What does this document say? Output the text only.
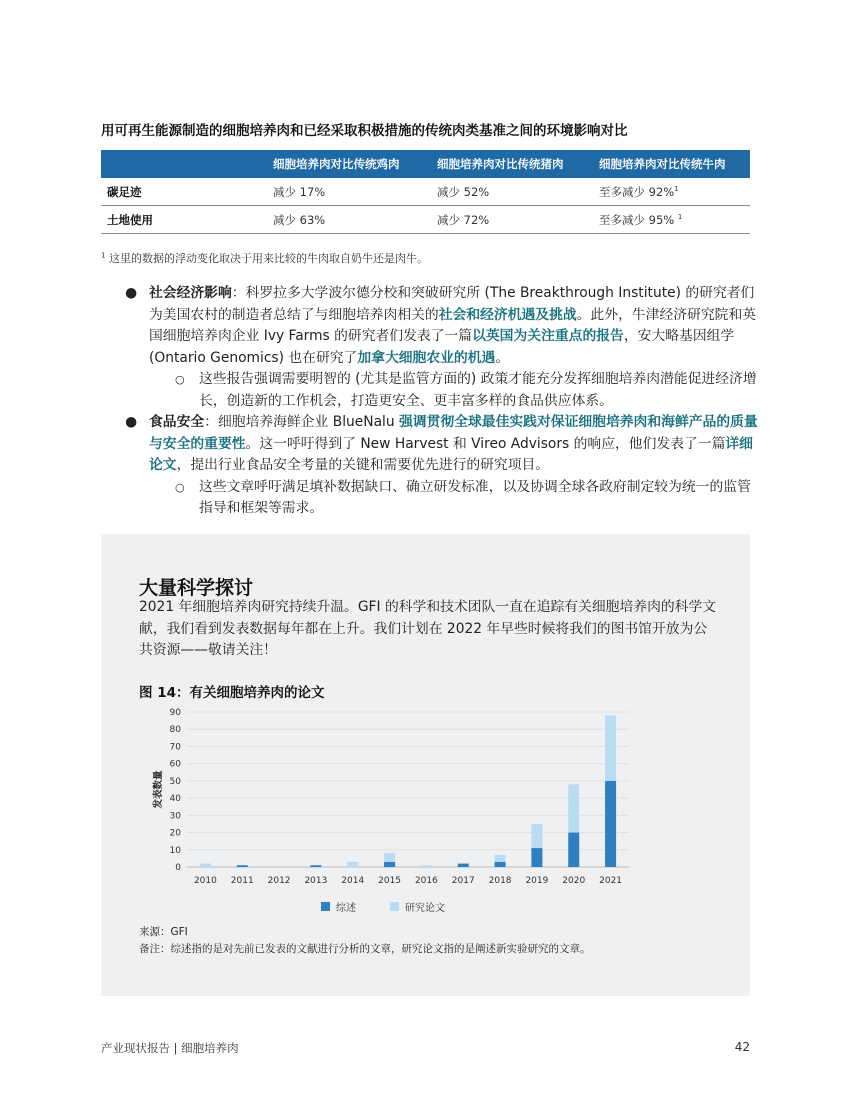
用可再生能源制造的细胞培养肉和已经采取积极措施的传统肉类基准之间的环境影响对比
	细胞培养肉对比传统鸡肉	细胞培养肉对比传统猪肉	细胞培养肉对比传统牛肉
碳足迹	减少 17%	减少 52%	至多减少 92%$^1$
土地使用	减少 63%	减少 72%	至多减少 95% $^1$
$^1$ 这里的数据的浮动变化取决于用来比较的牛肉取自奶牛还是肉牛。
● 社会经济影响：科罗拉多大学波尔德分校和突破研究所 (The Breakthrough Institute) 的研究者们为美国农村的制造者总结了与细胞培养肉相关的社会和经济机遇及挑战。此外，牛津经济研究院和英国细胞培养肉企业 Ivy Farms 的研究者们发表了一篇以英国为关注重点的报告，安大略基因组学 (Ontario Genomics) 也在研究了加拿大细胞农业的机遇。
○ 这些报告强调需要明智的 (尤其是监管方面的) 政策才能充分发挥细胞培养肉潜能促进经济增长，创造新的工作机会，打造更安全、更丰富多样的食品供应体系。
● 食品安全：细胞培养海鲜企业 BlueNalu 强调贯彻全球最佳实践对保证细胞培养肉和海鲜产品的质量与安全的重要性。这一呼吁得到了 New Harvest 和 Vireo Advisors 的响应，他们发表了一篇详细论文，提出行业食品安全考量的关键和需要优先进行的研究项目。
○ 这些文章呼吁满足填补数据缺口、确立研发标准，以及协调全球各政府制定较为统一的监管指导和框架等需求。
大量科学探讨
2021 年细胞培养肉研究持续升温。GFI 的科学和技术团队一直在追踪有关细胞培养肉的科学文献，我们看到发表数据每年都在上升。我们计划在 2022 年早些时候将我们的图书馆开放为公共资源——敬请关注！
图 14：有关细胞培养肉的论文
0
10
20
30
40
50
60
70
80
90
发表数量
2010 2011 2012 2013 2014 2015 2016 2017 2018 2019 2020 2021
综述	研究论文
来源：GFI
备注：综述指的是对先前已发表的文献进行分析的文章，研究论文指的是阐述新实验研究的文章。
产业现状报告 | 细胞培养肉	42
